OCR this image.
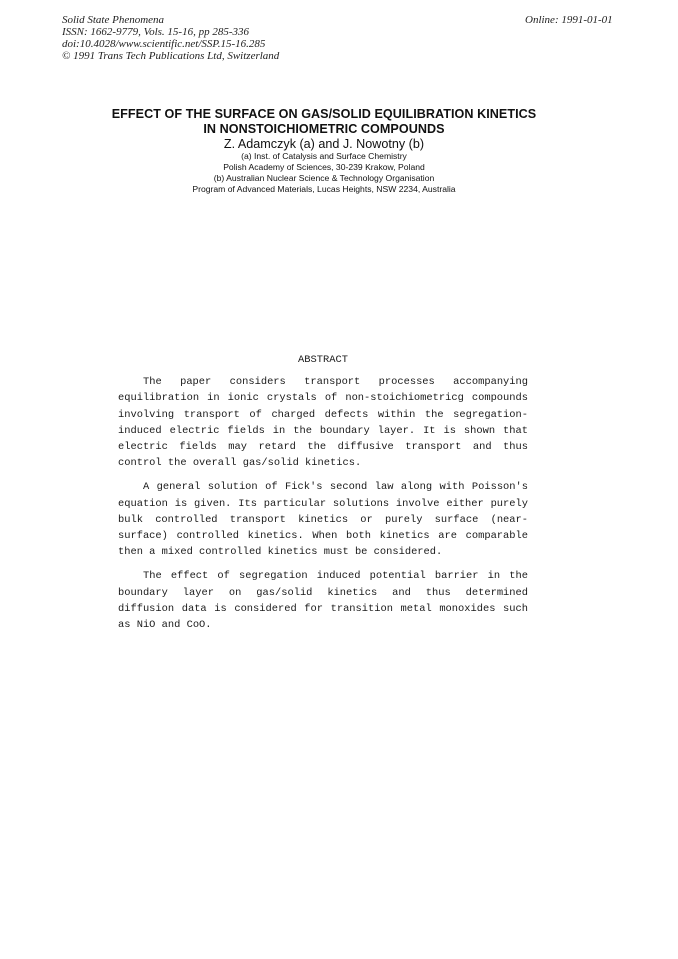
Solid State Phenomena
ISSN: 1662-9779, Vols. 15-16, pp 285-336
doi:10.4028/www.scientific.net/SSP.15-16.285
© 1991 Trans Tech Publications Ltd, Switzerland
Online: 1991-01-01
EFFECT OF THE SURFACE ON GAS/SOLID EQUILIBRATION KINETICS
IN NONSTOICHIOMETRIC COMPOUNDS
Z. Adamczyk (a) and J. Nowotny (b)
(a) Inst. of Catalysis and Surface Chemistry
Polish Academy of Sciences, 30-239 Krakow, Poland
(b) Australian Nuclear Science & Technology Organisation
Program of Advanced Materials, Lucas Heights, NSW 2234, Australia
ABSTRACT

The paper considers transport processes accompanying equilibration in ionic crystals of non-stoichiometricg compounds involving transport of charged defects within the segregation-induced electric fields in the boundary layer. It is shown that electric fields may retard the diffusive transport and thus control the overall gas/solid kinetics.

A general solution of Fick's second law along with Poisson's equation is given. Its particular solutions involve either purely bulk controlled transport kinetics or purely surface (near-surface) controlled kinetics. When both kinetics are comparable then a mixed controlled kinetics must be considered.

The effect of segregation induced potential barrier in the boundary layer on gas/solid kinetics and thus determined diffusion data is considered for transition metal monoxides such as NiO and CoO.
